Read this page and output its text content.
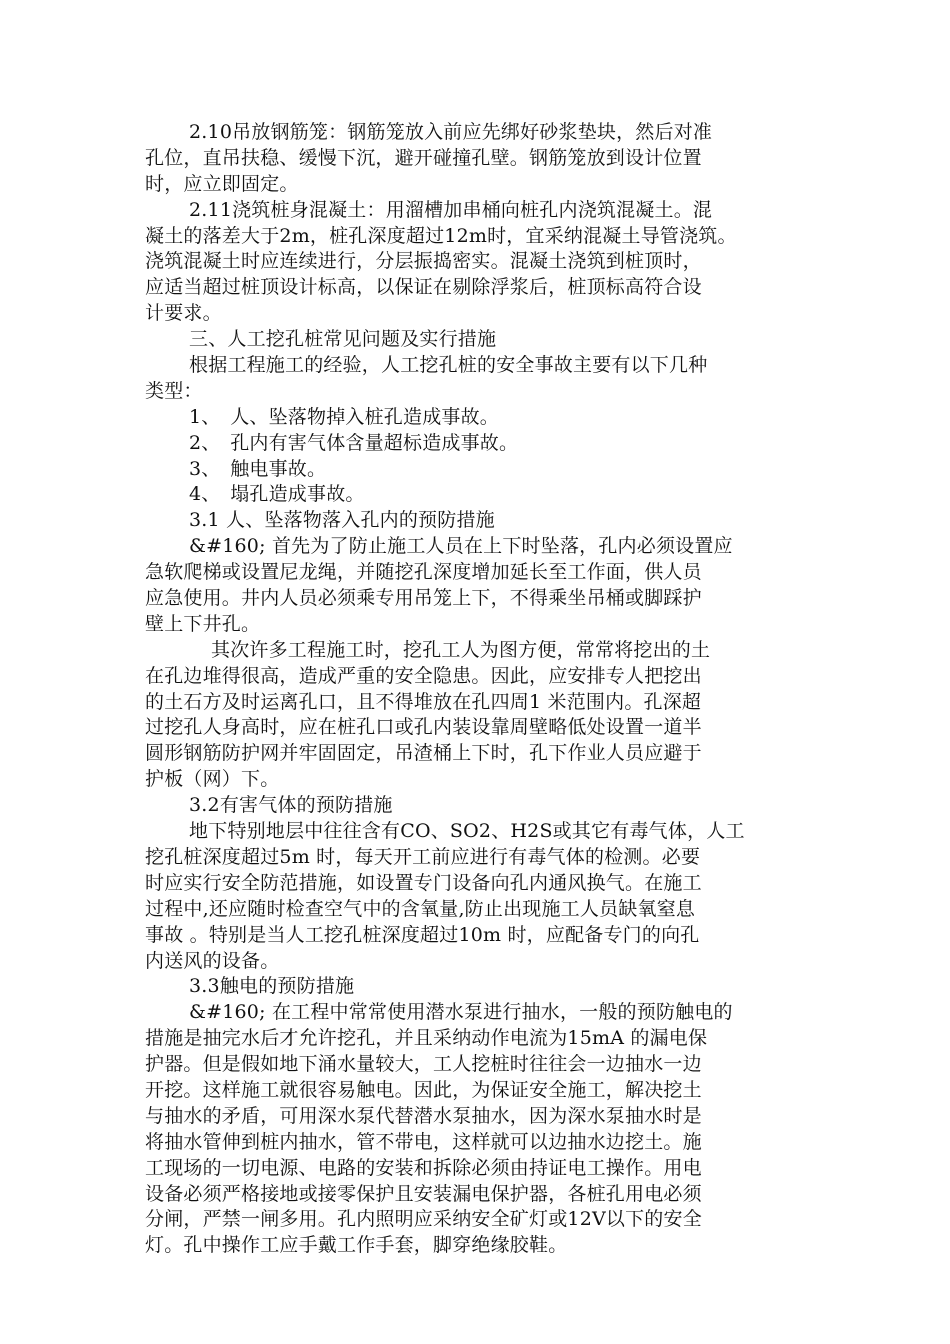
2.10吊放钢筋笼：钢筋笼放入前应先绑好砂浆垫块，然后对准
孔位，直吊扶稳、缓慢下沉，避开碰撞孔壁。钢筋笼放到设计位置
时，应立即固定。
2.11浇筑桩身混凝土：用溜槽加串桶向桩孔内浇筑混凝土。混
凝土的落差大于2m，桩孔深度超过12m时，宜采纳混凝土导管浇筑。
浇筑混凝土时应连续进行，分层振捣密实。混凝土浇筑到桩顶时，
应适当超过桩顶设计标高，以保证在剔除浮浆后，桩顶标高符合设
计要求。
三、人工挖孔桩常见问题及实行措施
根据工程施工的经验，人工挖孔桩的安全事故主要有以下几种
类型：
1、　人、坠落物掉入桩孔造成事故。
2、　孔内有害气体含量超标造成事故。
3、　触电事故。
4、　塌孔造成事故。
3.1 人、坠落物落入孔内的预防措施
&#160; 首先为了防止施工人员在上下时坠落，孔内必须设置应
急软爬梯或设置尼龙绳，并随挖孔深度增加延长至工作面，供人员
应急使用。井内人员必须乘专用吊笼上下，不得乘坐吊桶或脚踩护
壁上下井孔。
其次许多工程施工时，挖孔工人为图方便，常常将挖出的土
在孔边堆得很高，造成严重的安全隐患。因此，应安排专人把挖出
的土石方及时运离孔口，且不得堆放在孔四周1 米范围内。孔深超
过挖孔人身高时，应在桩孔口或孔内装设靠周壁略低处设置一道半
圆形钢筋防护网并牢固固定，吊渣桶上下时，孔下作业人员应避于
护板（网）下。
3.2有害气体的预防措施
地下特别地层中往往含有CO、SO2、H2S或其它有毒气体，人工
挖孔桩深度超过5m 时，每天开工前应进行有毒气体的检测。必要
时应实行安全防范措施，如设置专门设备向孔内通风换气。在施工
过程中,还应随时检查空气中的含氧量,防止出现施工人员缺氧窒息
事故 。特别是当人工挖孔桩深度超过10m 时，应配备专门的向孔
内送风的设备。
3.3触电的预防措施
&#160; 在工程中常常使用潜水泵进行抽水，一般的预防触电的
措施是抽完水后才允许挖孔，并且采纳动作电流为15mA 的漏电保
护器。但是假如地下涌水量较大，工人挖桩时往往会一边抽水一边
开挖。这样施工就很容易触电。因此，为保证安全施工，解决挖土
与抽水的矛盾，可用深水泵代替潜水泵抽水，因为深水泵抽水时是
将抽水管伸到桩内抽水，管不带电，这样就可以边抽水边挖土。施
工现场的一切电源、电路的安装和拆除必须由持证电工操作。用电
设备必须严格接地或接零保护且安装漏电保护器，各桩孔用电必须
分闸，严禁一闸多用。孔内照明应采纳安全矿灯或12V以下的安全
灯。孔中操作工应手戴工作手套，脚穿绝缘胶鞋。
